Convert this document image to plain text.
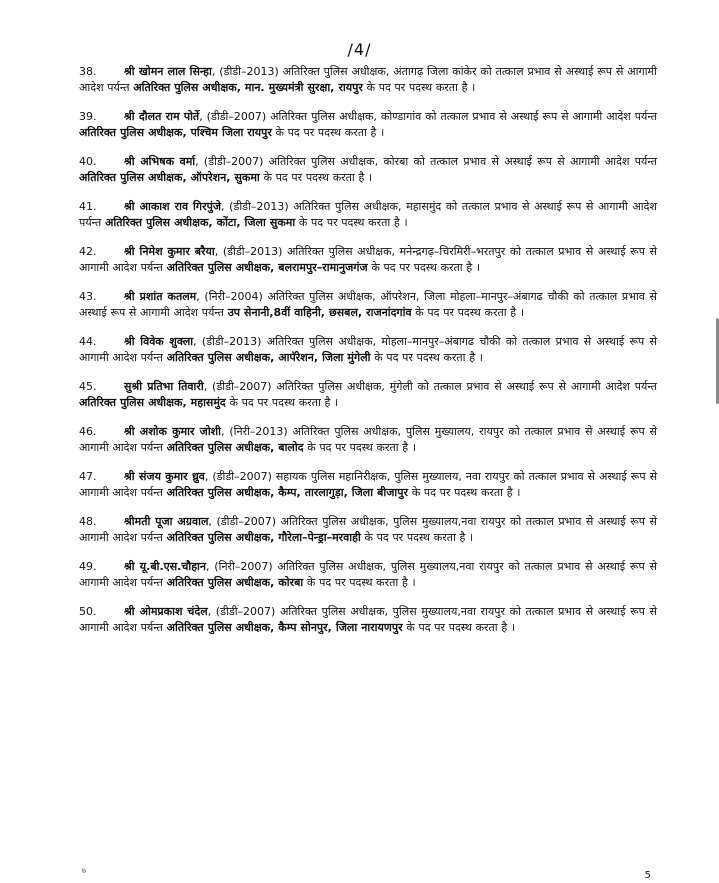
/4/
38.	श्री खोमन लाल सिन्हा, (डीडी–2013) अतिरिक्त पुलिस अधीक्षक, अंतागढ़ जिला कांकेर को तत्काल प्रभाव से अस्थाई रूप से आगामी आदेश पर्यन्त अतिरिक्त पुलिस अधीक्षक, मान. मुख्यमंत्री सुरक्षा, रायपुर के पद पर पदस्थ करता है ।
39.	श्री दौलत राम पोर्ते, (डीडी–2007) अतिरिक्त पुलिस अधीक्षक, कोण्डागांव को तत्काल प्रभाव से अस्थाई रूप से आगामी आदेश पर्यन्त अतिरिक्त पुलिस अधीक्षक, पश्चिम जिला रायपुर के पद पर पदस्थ करता है ।
40.	श्री अभिषक वर्मा, (डीडी–2007) अतिरिक्त पुलिस अधीक्षक, कोरबा को तत्काल प्रभाव से अस्थाई रूप से आगामी आदेश पर्यन्त अतिरिक्त पुलिस अधीक्षक, ऑपरेशन, सुकमा के पद पर पदस्थ करता है ।
41.	श्री आकाश राव गिरपुंजे, (डीडी–2013) अतिरिक्त पुलिस अधीक्षक, महासमुंद को तत्काल प्रभाव से अस्थाई रूप से आगामी आदेश पर्यन्त अतिरिक्त पुलिस अधीक्षक, कोंटा, जिला सुकमा के पद पर पदस्थ करता है ।
42.	श्री निमेश कुमार बरैया, (डीडी–2013) अतिरिक्त पुलिस अधीक्षक, मनेन्द्रगढ़–चिरमिरी–भरतपुर को तत्काल प्रभाव से अस्थाई रूप से आगामी आदेश पर्यन्त अतिरिक्त पुलिस अधीक्षक, बलरामपुर–रामानुजगंज के पद पर पदस्थ करता है ।
43.	श्री प्रशांत कतलम, (निरी–2004) अतिरिक्त पुलिस अधीक्षक, ऑपरेशन, जिला मोहला–मानपुर–अंबागढ चौकी को तत्काल प्रभाव से अस्थाई रूप से आगामी आदेश पर्यन्त उप सेनानी,8वीं वाहिनी, छसबल, राजनांदगांव के पद पर पदस्थ करता है ।
44.	श्री विवेक शुक्ला, (डीडी–2013) अतिरिक्त पुलिस अधीक्षक, मोहला–मानपुर–अंबागढ चौकी को तत्काल प्रभाव से अस्थाई रूप से आगामी आदेश पर्यन्त अतिरिक्त पुलिस अधीक्षक, आपॅरेशन, जिला मुंगेली के पद पर पदस्थ करता है ।
45.	सुश्री प्रतिभा तिवारी, (डीडी–2007) अतिरिक्त पुलिस अधीक्षक, मुंगेली को तत्काल प्रभाव से अस्थाई रूप से आगामी आदेश पर्यन्त अतिरिक्त पुलिस अधीक्षक, महासमुंद के पद पर पदस्थ करता है ।
46.	श्री अशोक कुमार जोशी, (निरी–2013) अतिरिक्त पुलिस अधीक्षक, पुलिस मुख्यालय, रायपुर को तत्काल प्रभाव से अस्थाई रूप से आगामी आदेश पर्यन्त अतिरिक्त पुलिस अधीक्षक, बालोद के पद पर पदस्थ करता है ।
47.	श्री संजय कुमार ध्रुव, (डीडी–2007) सहायक पुलिस महानिरीक्षक, पुलिस मुख्यालय, नवा रायपुर को तत्काल प्रभाव से अस्थाई रूप से आगामी आदेश पर्यन्त अतिरिक्त पुलिस अधीक्षक, कैम्प, तारलागुड़ा, जिला बीजापुर के पद पर पदस्थ करता है ।
48.	श्रीमती पूजा अग्रवाल, (डीडी–2007) अतिरिक्त पुलिस अधीक्षक, पुलिस मुख्यालय,नवा रायपुर को तत्काल प्रभाव से अस्थाई रूप से आगामी आदेश पर्यन्त अतिरिक्त पुलिस अधीक्षक, गौरेला–पेन्ड्रा–मरवाही के पद पर पदस्थ करता है ।
49.	श्री यू.बी.एस.चौहान, (निरी–2007) अतिरिक्त पुलिस अधीक्षक, पुलिस मुख्यालय,नवा रायपुर को तत्काल प्रभाव से अस्थाई रूप से आगामी आदेश पर्यन्त अतिरिक्त पुलिस अधीक्षक, कोरबा के पद पर पदस्थ करता है ।
50.	श्री ओमप्रकाश चंदेल, (डीडी–2007) अतिरिक्त पुलिस अधीक्षक, पुलिस मुख्यालय,नवा रायपुर को तत्काल प्रभाव से अस्थाई रूप से आगामी आदेश पर्यन्त अतिरिक्त पुलिस अधीक्षक, कैम्प सोनपुर, जिला नारायणपुर के पद पर पदस्थ करता है ।
ᵇ	5
